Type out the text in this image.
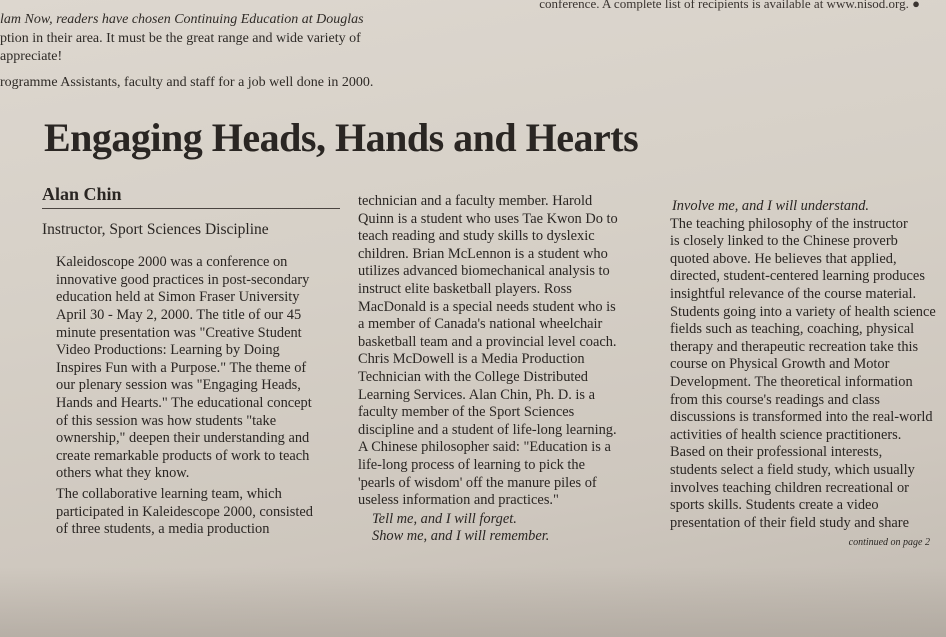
conference. A complete list of recipients is available at www.nisod.org. ●
lam Now, readers have chosen Continuing Education at Douglas
ption in their area. It must be the great range and wide variety of
appreciate!
rogramme Assistants, faculty and staff for a job well done in 2000.
Engaging Heads, Hands and Hearts
Alan Chin
Instructor, Sport Sciences Discipline

Kaleidoscope 2000 was a conference on
innovative good practices in post-secondary
education held at Simon Fraser University
April 30 - May 2, 2000. The title of our 45
minute presentation was "Creative Student
Video Productions: Learning by Doing
Inspires Fun with a Purpose." The theme of
our plenary session was "Engaging Heads,
Hands and Hearts." The educational concept
of this session was how students "take
ownership," deepen their understanding and
create remarkable products of work to teach
others what they know.

The collaborative learning team, which
participated in Kaleidescope 2000, consisted
of three students, a media production

technician and a faculty member. Harold
Quinn is a student who uses Tae Kwon Do to
teach reading and study skills to dyslexic
children. Brian McLennon is a student who
utilizes advanced biomechanical analysis to
instruct elite basketball players. Ross
MacDonald is a special needs student who is
a member of Canada's national wheelchair
basketball team and a provincial level coach.
Chris McDowell is a Media Production
Technician with the College Distributed
Learning Services. Alan Chin, Ph. D. is a
faculty member of the Sport Sciences
discipline and a student of life-long learning.
A Chinese philosopher said: "Education is a
life-long process of learning to pick the
'pearls of wisdom' off the manure piles of
useless information and practices."

Tell me, and I will forget.
Show me, and I will remember.

Involve me, and I will understand.

The teaching philosophy of the instructor
is closely linked to the Chinese proverb
quoted above. He believes that applied,
directed, student-centered learning produces
insightful relevance of the course material.
Students going into a variety of health science
fields such as teaching, coaching, physical
therapy and therapeutic recreation take this
course on Physical Growth and Motor
Development. The theoretical information
from this course's readings and class
discussions is transformed into the real-world
activities of health science practitioners.
Based on their professional interests,
students select a field study, which usually
involves teaching children recreational or
sports skills. Students create a video
presentation of their field study and share

continued on page 2
